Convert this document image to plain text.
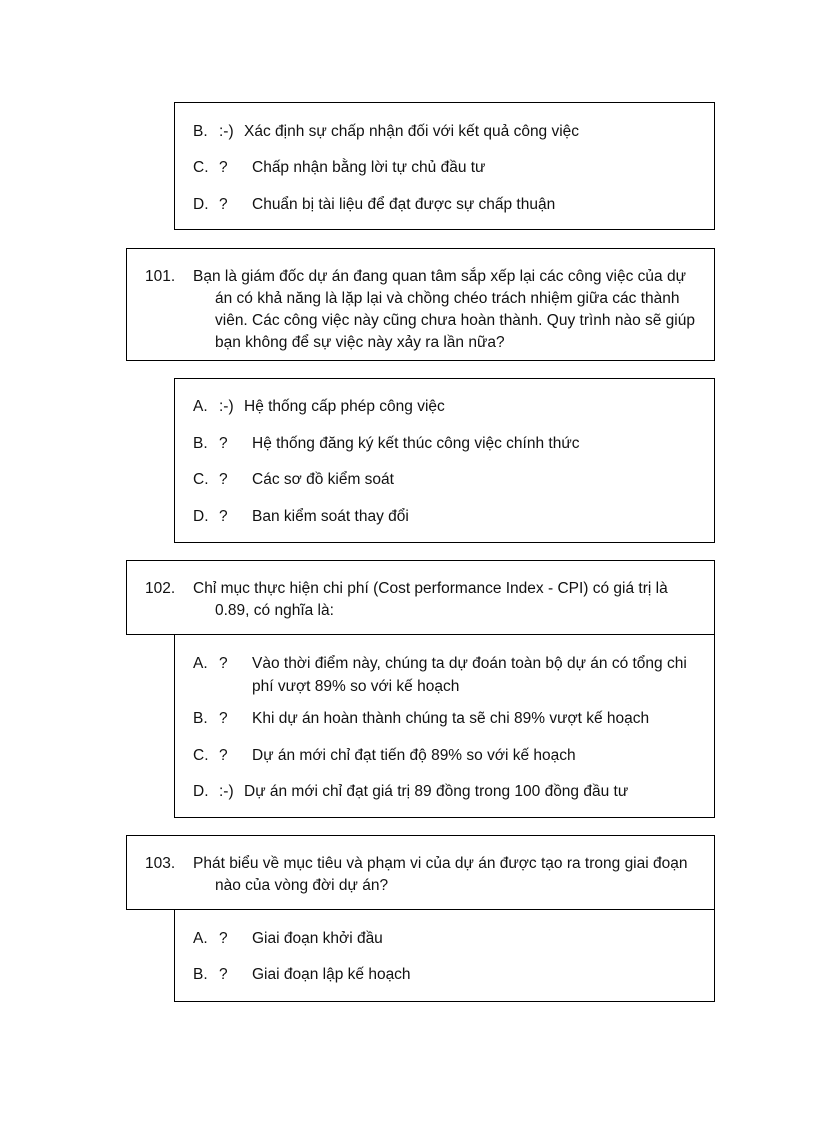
B. :-) Xác định sự chấp nhận đối với kết quả công việc
C. ? Chấp nhận bằng lời tự chủ đầu tư
D. ? Chuẩn bị tài liệu để đạt được sự chấp thuận
101. Bạn là giám đốc dự án đang quan tâm sắp xếp lại các công việc của dự án có khả năng là lặp lại và chồng chéo trách nhiệm giữa các thành viên. Các công việc này cũng chưa hoàn thành. Quy trình nào sẽ giúp bạn không để sự việc này xảy ra lần nữa?
A. :-) Hệ thống cấp phép công việc
B. ? Hệ thống đăng ký kết thúc công việc chính thức
C. ? Các sơ đồ kiểm soát
D. ? Ban kiểm soát thay đổi
102. Chỉ mục thực hiện chi phí (Cost performance Index - CPI) có giá trị là 0.89, có nghĩa là:
A. ?	Vào thời điểm này, chúng ta dự đoán toàn bộ dự án có tổng chi phí vượt 89% so với kế hoạch
B. ? Khi dự án hoàn thành chúng ta sẽ chi 89% vượt kế hoạch
C. ? Dự án mới chỉ đạt tiến độ 89% so với kế hoạch
D. :-) Dự án mới chỉ đạt giá trị 89 đồng trong 100 đồng đầu tư
103. Phát biểu về mục tiêu và phạm vi của dự án được tạo ra trong giai đoạn nào của vòng đời dự án?
A. ? Giai đoạn khởi đầu
B. ? Giai đoạn lập kế hoạch
